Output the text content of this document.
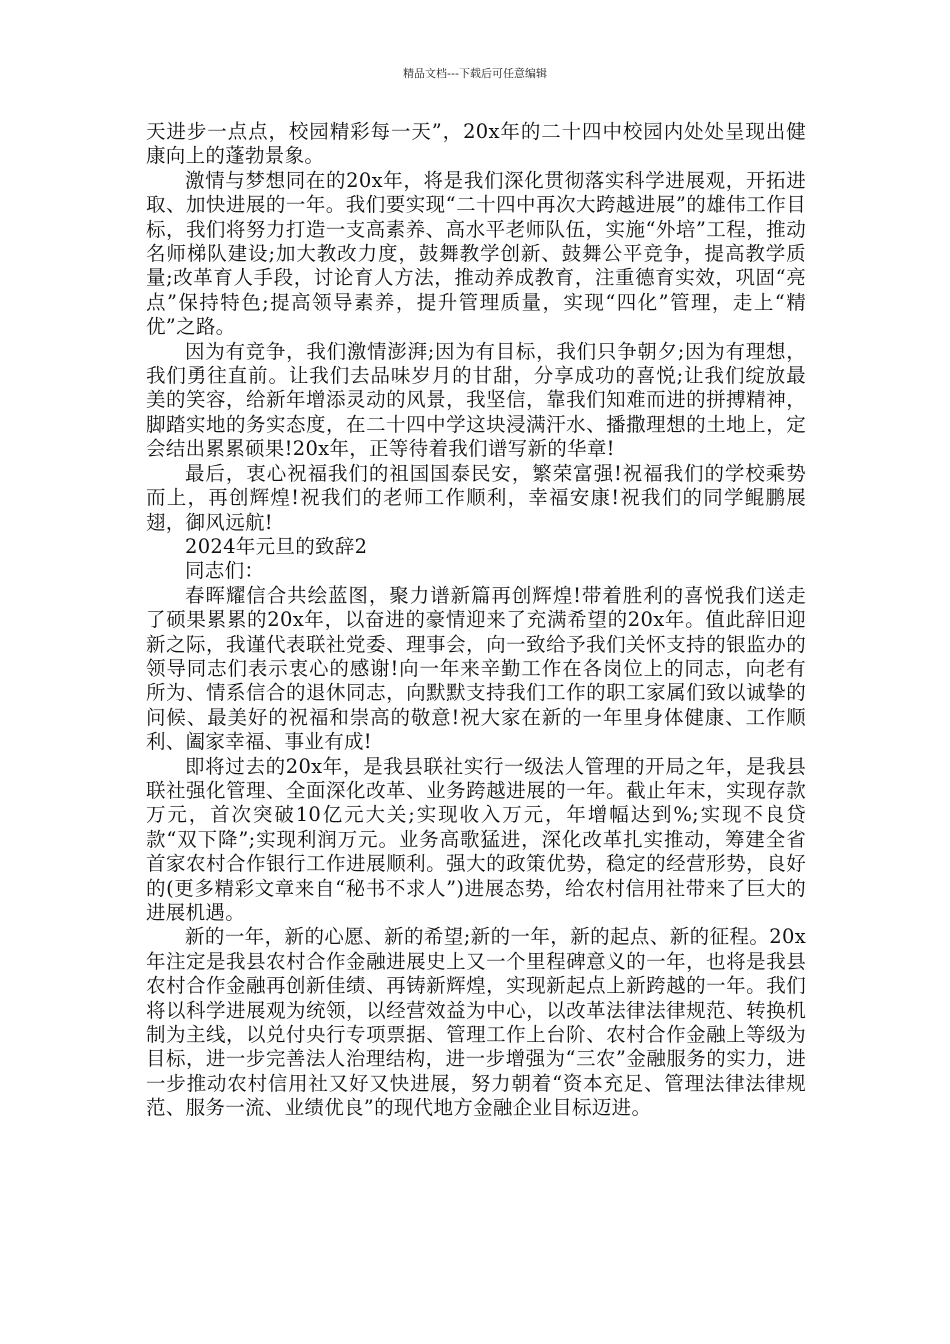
精品文档---下载后可任意编辑

天进步一点点，校园精彩每一天”，20x年的二十四中校园内处处呈现出健康向上的蓬勃景象。

激情与梦想同在的20x年，将是我们深化贯彻落实科学进展观，开拓进取、加快进展的一年。我们要实现“二十四中再次大跨越进展”的雄伟工作目标，我们将努力打造一支高素养、高水平老师队伍，实施“外培”工程，推动名师梯队建设;加大教改力度，鼓舞教学创新、鼓舞公平竞争，提高教学质量;改革育人手段，讨论育人方法，推动养成教育，注重德育实效，巩固“亮点”保持特色;提高领导素养，提升管理质量，实现“四化”管理，走上“精优”之路。

因为有竞争，我们激情澎湃;因为有目标，我们只争朝夕;因为有理想，我们勇往直前。让我们去品味岁月的甘甜，分享成功的喜悦;让我们绽放最美的笑容，给新年增添灵动的风景，我坚信，靠我们知难而进的拼搏精神，脚踏实地的务实态度，在二十四中学这块浸满汗水、播撒理想的土地上，定会结出累累硕果!20x年，正等待着我们谱写新的华章!

最后，衷心祝福我们的祖国国泰民安，繁荣富强!祝福我们的学校乘势而上，再创辉煌!祝我们的老师工作顺利，幸福安康!祝我们的同学鲲鹏展翅，御风远航!

2024年元旦的致辞2

同志们：

春晖耀信合共绘蓝图，聚力谱新篇再创辉煌!带着胜利的喜悦我们送走了硕果累累的20x年，以奋进的豪情迎来了充满希望的20x年。值此辞旧迎新之际，我谨代表联社党委、理事会，向一致给予我们关怀支持的银监办的领导同志们表示衷心的感谢!向一年来辛勤工作在各岗位上的同志，向老有所为、情系信合的退休同志，向默默支持我们工作的职工家属们致以诚挚的问候、最美好的祝福和崇高的敬意!祝大家在新的一年里身体健康、工作顺利、阖家幸福、事业有成!

即将过去的20x年，是我县联社实行一级法人管理的开局之年，是我县联社强化管理、全面深化改革、业务跨越进展的一年。截止年末，实现存款万元，首次突破10亿元大关;实现收入万元，年增幅达到%;实现不良贷款“双下降”;实现利润万元。业务高歌猛进，深化改革扎实推动，筹建全省首家农村合作银行工作进展顺利。强大的政策优势，稳定的经营形势，良好的(更多精彩文章来自“秘书不求人”)进展态势，给农村信用社带来了巨大的进展机遇。

新的一年，新的心愿、新的希望;新的一年，新的起点、新的征程。20x年注定是我县农村合作金融进展史上又一个里程碑意义的一年，也将是我县农村合作金融再创新佳绩、再铸新辉煌，实现新起点上新跨越的一年。我们将以科学进展观为统领，以经营效益为中心，以改革法律法律规范、转换机制为主线，以兑付央行专项票据、管理工作上台阶、农村合作金融上等级为目标，进一步完善法人治理结构，进一步增强为“三农”金融服务的实力，进一步推动农村信用社又好又快进展，努力朝着“资本充足、管理法律法律规范、服务一流、业绩优良”的现代地方金融企业目标迈进。
